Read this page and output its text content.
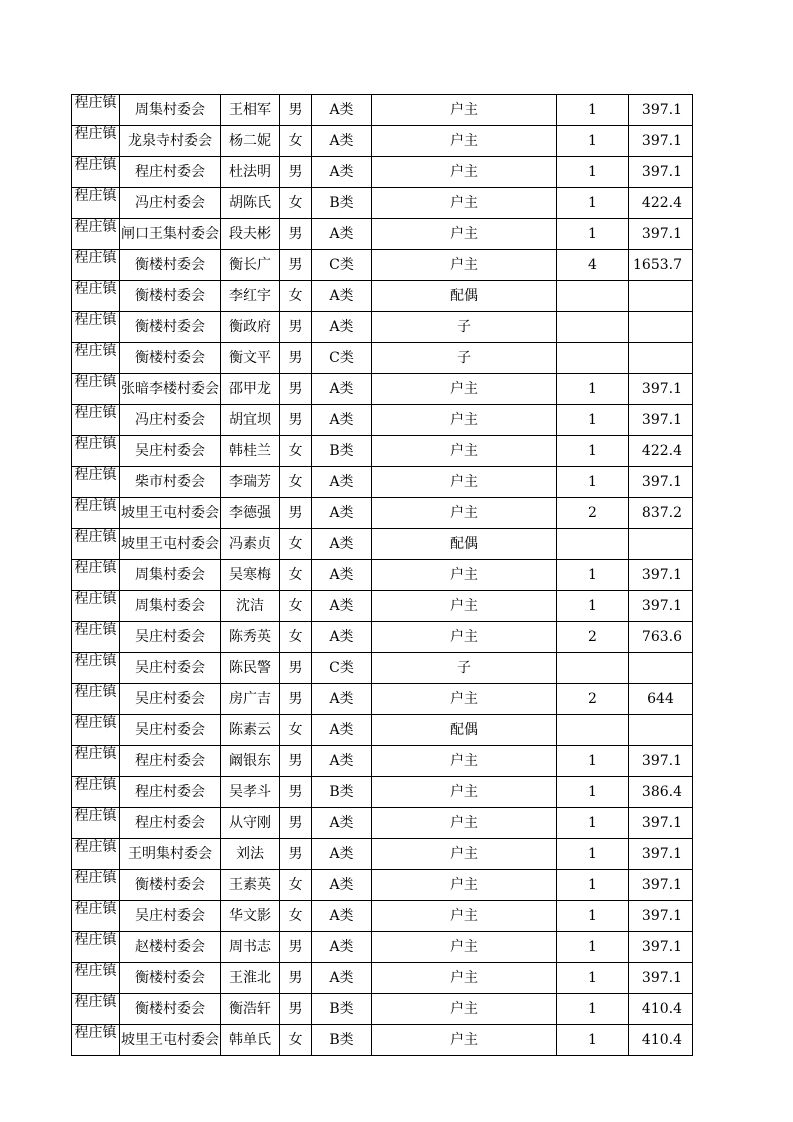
程庄镇	周集村委会	王相军	男	A类	户主	1	397.1
程庄镇	龙泉寺村委会	杨二妮	女	A类	户主	1	397.1
程庄镇	程庄村委会	杜法明	男	A类	户主	1	397.1
程庄镇	冯庄村委会	胡陈氏	女	B类	户主	1	422.4
程庄镇	闸口王集村委会	段夫彬	男	A类	户主	1	397.1
程庄镇	衡楼村委会	衡长广	男	C类	户主	4	1653.7
程庄镇	衡楼村委会	李红宇	女	A类	配偶		
程庄镇	衡楼村委会	衡政府	男	A类	子		
程庄镇	衡楼村委会	衡文平	男	C类	子		
程庄镇	张暗李楼村委会	邵甲龙	男	A类	户主	1	397.1
程庄镇	冯庄村委会	胡宜坝	男	A类	户主	1	397.1
程庄镇	吴庄村委会	韩桂兰	女	B类	户主	1	422.4
程庄镇	柴市村委会	李瑞芳	女	A类	户主	1	397.1
程庄镇	坡里王屯村委会	李德强	男	A类	户主	2	837.2
程庄镇	坡里王屯村委会	冯素贞	女	A类	配偶		
程庄镇	周集村委会	吴寒梅	女	A类	户主	1	397.1
程庄镇	周集村委会	沈洁	女	A类	户主	1	397.1
程庄镇	吴庄村委会	陈秀英	女	A类	户主	2	763.6
程庄镇	吴庄村委会	陈民警	男	C类	子		
程庄镇	吴庄村委会	房广吉	男	A类	户主	2	644
程庄镇	吴庄村委会	陈素云	女	A类	配偶		
程庄镇	程庄村委会	阚银东	男	A类	户主	1	397.1
程庄镇	程庄村委会	吴孝斗	男	B类	户主	1	386.4
程庄镇	程庄村委会	从守刚	男	A类	户主	1	397.1
程庄镇	王明集村委会	刘法	男	A类	户主	1	397.1
程庄镇	衡楼村委会	王素英	女	A类	户主	1	397.1
程庄镇	吴庄村委会	华文影	女	A类	户主	1	397.1
程庄镇	赵楼村委会	周书志	男	A类	户主	1	397.1
程庄镇	衡楼村委会	王淮北	男	A类	户主	1	397.1
程庄镇	衡楼村委会	衡浩轩	男	B类	户主	1	410.4
程庄镇	坡里王屯村委会	韩单氏	女	B类	户主	1	410.4
